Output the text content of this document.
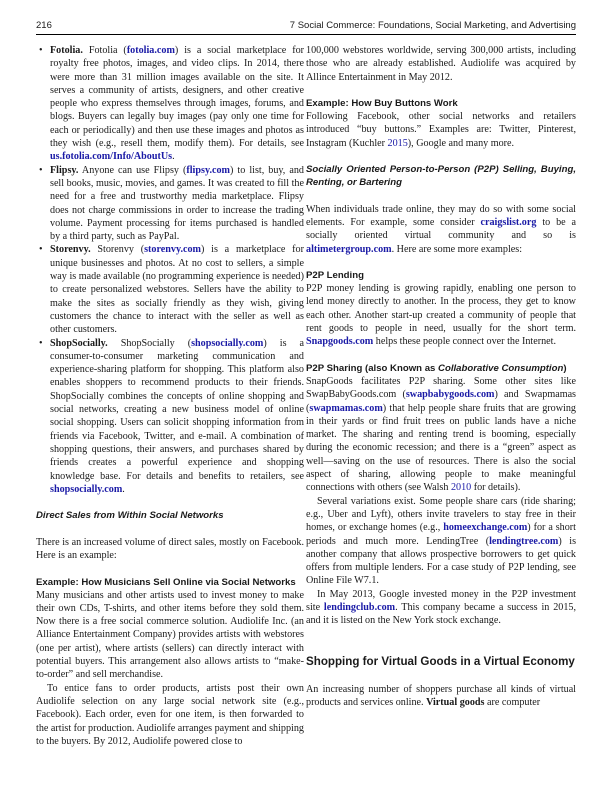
216	7 Social Commerce: Foundations, Social Marketing, and Advertising
• Fotolia. Fotolia (fotolia.com) is a social marketplace for royalty free photos, images, and video clips. In 2014, there were more than 31 million images available on the site. It serves a community of artists, designers, and other creative people who express themselves through images, forums, and blogs. Buyers can legally buy images (pay only one time for each or periodically) and then use these images and photos as they wish (e.g., resell them, modify them). For details, see us.fotolia.com/Info/AboutUs.
• Flipsy. Anyone can use Flipsy (flipsy.com) to list, buy, and sell books, music, movies, and games. It was created to fill the need for a free and trustworthy media marketplace. Flipsy does not charge commissions in order to increase the trading volume. Payment processing for items purchased is handled by a third party, such as PayPal.
• Storenvy. Storenvy (storenvy.com) is a marketplace for unique businesses and photos. At no cost to sellers, a simple way is made available (no programming experience is needed) to create personalized webstores. Sellers have the ability to make the sites as socially friendly as they wish, giving customers the chance to interact with the seller as well as other customers.
• ShopSocially. ShopSocially (shopsocially.com) is a consumer-to-consumer marketing communication and experience-sharing platform for shopping. This platform also enables shoppers to recommend products to their friends. ShopSocially combines the concepts of online shopping and social networks, creating a new business model of online social shopping. Users can solicit shopping information from friends via Facebook, Twitter, and e-mail. A combination of shopping questions, their answers, and purchases shared by friends creates a powerful experience and shopping knowledge base. For details and benefits to retailers, see shopsocially.com.

Direct Sales from Within Social Networks

There is an increased volume of direct sales, mostly on Facebook. Here is an example:

Example: How Musicians Sell Online via Social Networks

Many musicians and other artists used to invest money to make their own CDs, T-shirts, and other items before they sold them. Now there is a free social commerce solution. Audiolife Inc. (an Alliance Entertainment Company) provides artists with webstores (one per artist), where artists (sellers) can directly interact with potential buyers. This arrangement also allows artists to “make-to-order” and sell merchandise.

To entice fans to order products, artists post their own Audiolife selection on any large social network site (e.g., Facebook). Each order, even for one item, is then forwarded to the artist for production. Audiolife arranges payment and shipping to the buyers. By 2012, Audiolife powered close to

100,000 webstores worldwide, serving 300,000 artists, including those who are already established. Audiolife was acquired by Allince Entertainment in May 2012.

Example: How Buy Buttons Work

Following Facebook, other social networks and retailers introduced “buy buttons.” Examples are: Twitter, Pinterest, Instagram (Kuchler 2015), Google and many more.

Socially Oriented Person-to-Person (P2P) Selling, Buying, Renting, or Bartering

When individuals trade online, they may do so with some social elements. For example, some consider craigslist.org to be a socially oriented virtual community and so is altimetergroup.com. Here are some more examples:

P2P Lending

P2P money lending is growing rapidly, enabling one person to lend money directly to another. In the process, they get to know each other. Another start-up created a community of people that rent goods to people in need, usually for the short term. Snapgoods.com helps these people connect over the Internet.

P2P Sharing (also Known as Collaborative Consumption)

SnapGoods facilitates P2P sharing. Some other sites like SwapBabyGoods.com (swapbabygoods.com) and Swapmamas (swapmamas.com) that help people share fruits that are growing in their yards or find fruit trees on public lands have a niche market. The sharing and renting trend is booming, especially during the economic recession; and there is a “green” aspect as well—saving on the use of resources. There is also the social aspect of sharing, allowing people to make meaningful connections with others (see Walsh 2010 for details).

Several variations exist. Some people share cars (ride sharing; e.g., Uber and Lyft), others invite travelers to stay free in their homes, or exchange homes (e.g., homeexchange.com) for a short periods and much more. LendingTree (lendingtree.com) is another company that allows prospective borrowers to get quick offers from multiple lenders. For a case study of P2P lending, see Online File W7.1.

In May 2013, Google invested money in the P2P investment site lendingclub.com. This company became a success in 2015, and it is listed on the New York stock exchange.

Shopping for Virtual Goods in a Virtual Economy

An increasing number of shoppers purchase all kinds of virtual products and services online. Virtual goods are computer
